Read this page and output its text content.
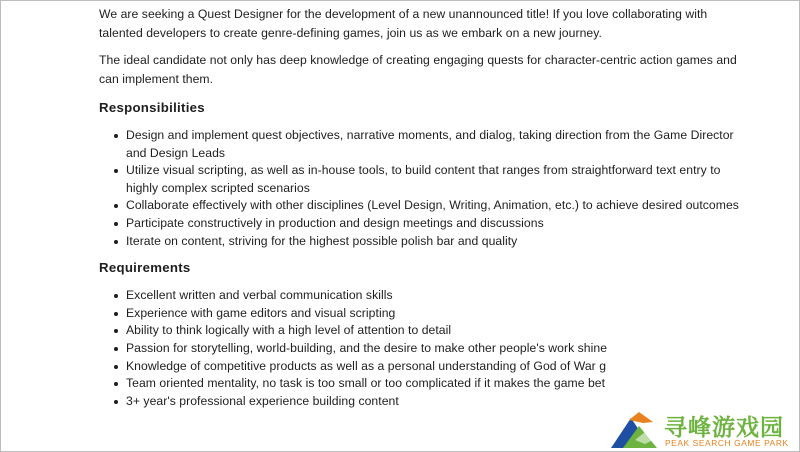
We are seeking a Quest Designer for the development of a new unannounced title! If you love collaborating with talented developers to create genre-defining games, join us as we embark on a new journey.

The ideal candidate not only has deep knowledge of creating engaging quests for character-centric action games and can implement them.

Responsibilities
Design and implement quest objectives, narrative moments, and dialog, taking direction from the Game Director and Design Leads
Utilize visual scripting, as well as in-house tools, to build content that ranges from straightforward text entry to highly complex scripted scenarios
Collaborate effectively with other disciplines (Level Design, Writing, Animation, etc.) to achieve desired outcomes
Participate constructively in production and design meetings and discussions
Iterate on content, striving for the highest possible polish bar and quality
Requirements
Excellent written and verbal communication skills
Experience with game editors and visual scripting
Ability to think logically with a high level of attention to detail
Passion for storytelling, world-building, and the desire to make other people's work shine
Knowledge of competitive products as well as a personal understanding of God of War g
Team oriented mentality, no task is too small or too complicated if it makes the game bet
3+ year's professional experience building content
寻峰游戏园
PEAK SEARCH GAME PARK
